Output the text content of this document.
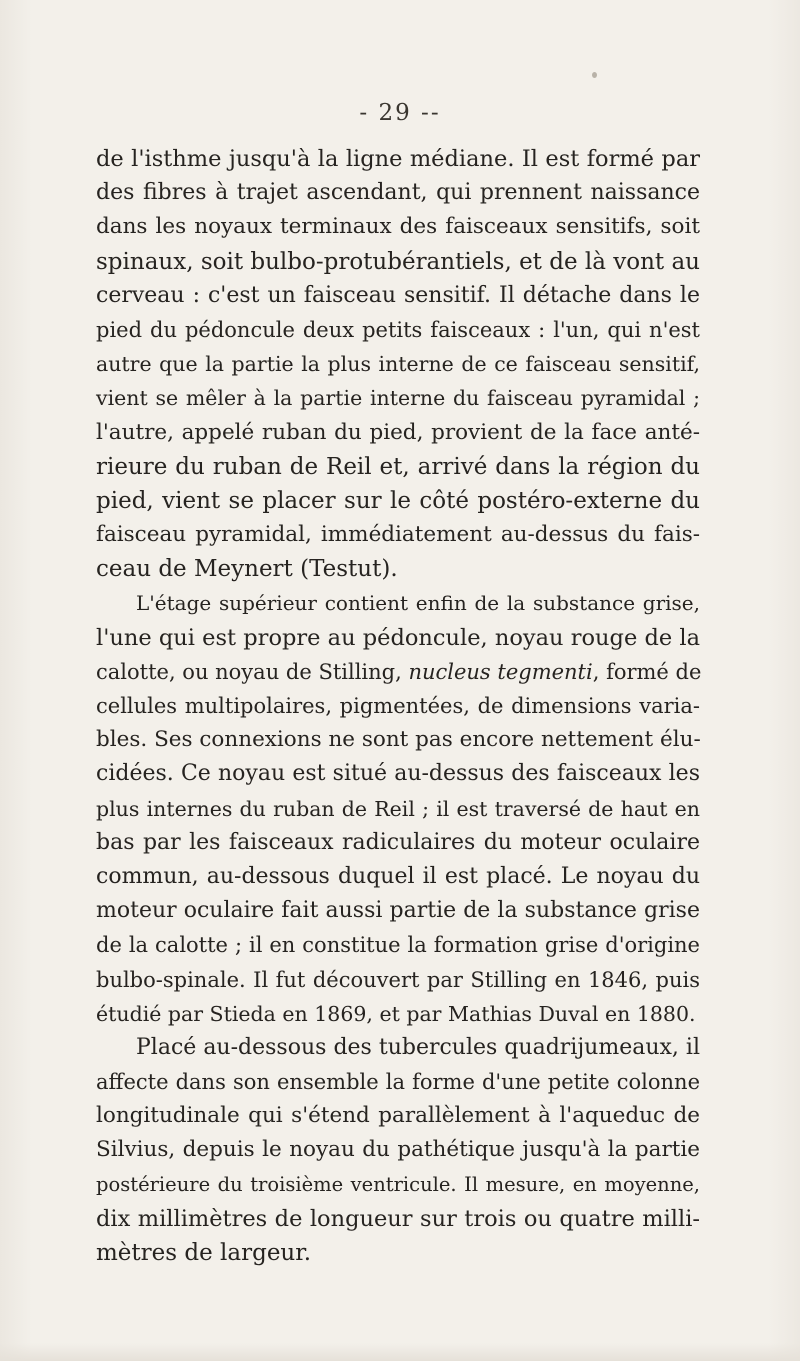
- 29 --
de l'isthme jusqu'à la ligne médiane. Il est formé par
des fibres à trajet ascendant, qui prennent naissance
dans les noyaux terminaux des faisceaux sensitifs, soit
spinaux, soit bulbo-protubérantiels, et de là vont au
cerveau : c'est un faisceau sensitif. Il détache dans le
pied du pédoncule deux petits faisceaux : l'un, qui n'est
autre que la partie la plus interne de ce faisceau sensitif,
vient se mêler à la partie interne du faisceau pyramidal ;
l'autre, appelé ruban du pied, provient de la face anté-
rieure du ruban de Reil et, arrivé dans la région du
pied, vient se placer sur le côté postéro-externe du
faisceau pyramidal, immédiatement au-dessus du fais-
ceau de Meynert (Testut).
L'étage supérieur contient enfin de la substance grise,
l'une qui est propre au pédoncule, noyau rouge de la
calotte, ou noyau de Stilling, nucleus tegmenti, formé de
cellules multipolaires, pigmentées, de dimensions varia-
bles. Ses connexions ne sont pas encore nettement élu-
cidées. Ce noyau est situé au-dessus des faisceaux les
plus internes du ruban de Reil ; il est traversé de haut en
bas par les faisceaux radiculaires du moteur oculaire
commun, au-dessous duquel il est placé. Le noyau du
moteur oculaire fait aussi partie de la substance grise
de la calotte ; il en constitue la formation grise d'origine
bulbo-spinale. Il fut découvert par Stilling en 1846, puis
étudié par Stieda en 1869, et par Mathias Duval en 1880.
Placé au-dessous des tubercules quadrijumeaux, il
affecte dans son ensemble la forme d'une petite colonne
longitudinale qui s'étend parallèlement à l'aqueduc de
Silvius, depuis le noyau du pathétique jusqu'à la partie
postérieure du troisième ventricule. Il mesure, en moyenne,
dix millimètres de longueur sur trois ou quatre milli-
mètres de largeur.
